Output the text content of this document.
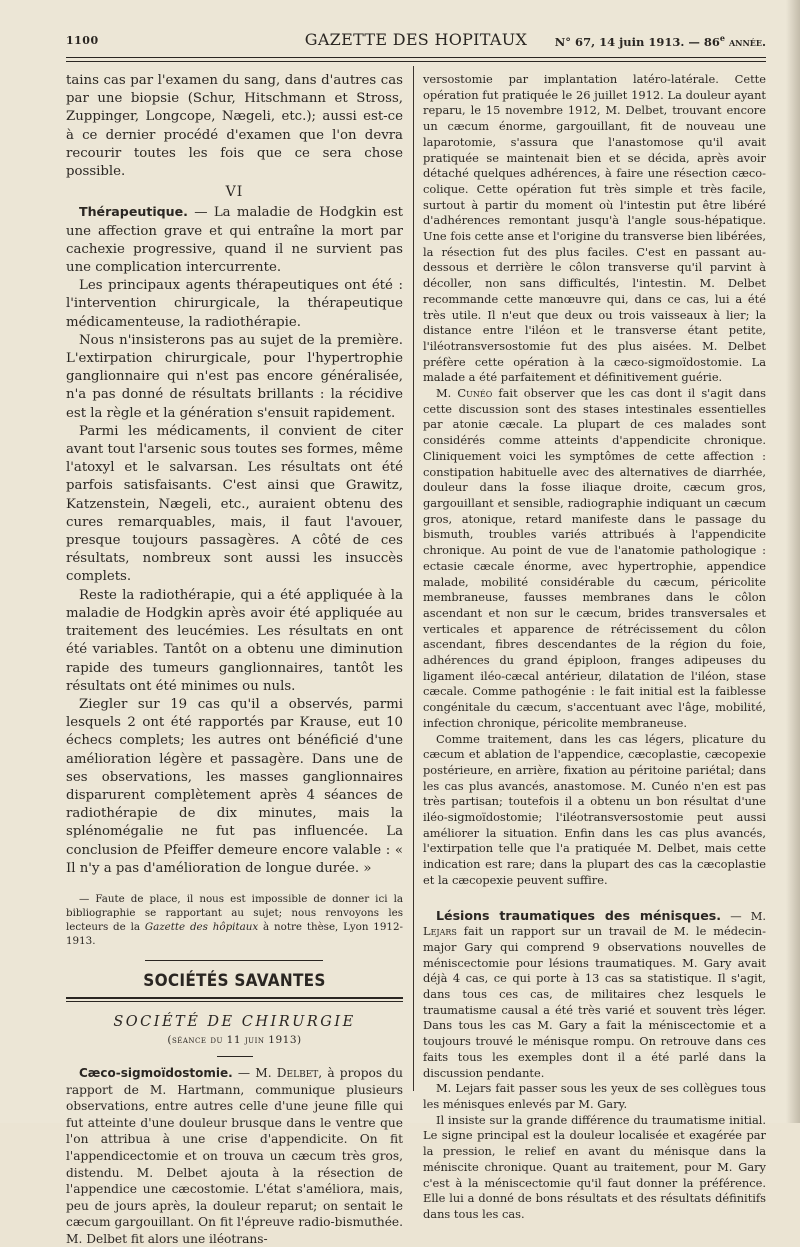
1100	GAZETTE DES HOPITAUX	N° 67, 14 juin 1913. — 86e année.

tains cas par l'examen du sang, dans d'autres cas par une biopsie (Schur, Hitschmann et Stross, Zuppinger, Longcope, Nægeli, etc.); aussi est-ce à ce dernier procédé d'examen que l'on devra recourir toutes les fois que ce sera chose possible.

VI

Thérapeutique. — La maladie de Hodgkin est une affection grave et qui entraîne la mort par cachexie progressive, quand il ne survient pas une complication intercurrente.

Les principaux agents thérapeutiques ont été : l'intervention chirurgicale, la thérapeutique médicamenteuse, la radiothérapie.

Nous n'insisterons pas au sujet de la première. L'extirpation chirurgicale, pour l'hypertrophie ganglionnaire qui n'est pas encore généralisée, n'a pas donné de résultats brillants : la récidive est la règle et la génération s'ensuit rapidement.

Parmi les médicaments, il convient de citer avant tout l'arsenic sous toutes ses formes, même l'atoxyl et le salvarsan. Les résultats ont été parfois satisfaisants. C'est ainsi que Grawitz, Katzenstein, Nægeli, etc., auraient obtenu des cures remarquables, mais, il faut l'avouer, presque toujours passagères. A côté de ces résultats, nombreux sont aussi les insuccès complets.

Reste la radiothérapie, qui a été appliquée à la maladie de Hodgkin après avoir été appliquée au traitement des leucémies. Les résultats en ont été variables. Tantôt on a obtenu une diminution rapide des tumeurs ganglionnaires, tantôt les résultats ont été minimes ou nuls.

Ziegler sur 19 cas qu'il a observés, parmi lesquels 2 ont été rapportés par Krause, eut 10 échecs complets; les autres ont bénéficié d'une amélioration légère et passagère. Dans une de ses observations, les masses ganglionnaires disparurent complètement après 4 séances de radiothérapie de dix minutes, mais la splénomégalie ne fut pas influencée. La conclusion de Pfeiffer demeure encore valable : « Il n'y a pas d'amélioration de longue durée. »

— Faute de place, il nous est impossible de donner ici la bibliographie se rapportant au sujet; nous renvoyons les lecteurs de la Gazette des hôpitaux à notre thèse, Lyon 1912-1913.

SOCIÉTÉS SAVANTES
SOCIÉTÉ DE CHIRURGIE
(séance du 11 juin 1913)

Cæco-sigmoïdostomie. — M. Delbet, à propos du rapport de M. Hartmann, communique plusieurs observations, entre autres celle d'une jeune fille qui fut atteinte d'une douleur brusque dans le ventre que l'on attribua à une crise d'appendicite. On fit l'appendicectomie et on trouva un cæcum très gros, distendu. M. Delbet ajouta à la résection de l'appendice une cæcostomie. L'état s'améliora, mais, peu de jours après, la douleur reparut; on sentait le cæcum gargouillant. On fit l'épreuve radio-bismuthée. M. Delbet fit alors une iléotrans-

versostomie par implantation latéro-latérale. Cette opération fut pratiquée le 26 juillet 1912. La douleur ayant reparu, le 15 novembre 1912, M. Delbet, trouvant encore un cæcum énorme, gargouillant, fit de nouveau une laparotomie, s'assura que l'anastomose qu'il avait pratiquée se maintenait bien et se décida, après avoir détaché quelques adhérences, à faire une résection cæco-colique. Cette opération fut très simple et très facile, surtout à partir du moment où l'intestin put être libéré d'adhérences remontant jusqu'à l'angle sous-hépatique. Une fois cette anse et l'origine du transverse bien libérées, la résection fut des plus faciles. C'est en passant au-dessous et derrière le côlon transverse qu'il parvint à décoller, non sans difficultés, l'intestin. M. Delbet recommande cette manœuvre qui, dans ce cas, lui a été très utile. Il n'eut que deux ou trois vaisseaux à lier; la distance entre l'iléon et le transverse étant petite, l'iléotransversostomie fut des plus aisées. M. Delbet préfère cette opération à la cæco-sigmoïdostomie. La malade a été parfaitement et définitivement guérie.

M. Cunéo fait observer que les cas dont il s'agit dans cette discussion sont des stases intestinales essentielles par atonie cæcale. La plupart de ces malades sont considérés comme atteints d'appendicite chronique. Cliniquement voici les symptômes de cette affection : constipation habituelle avec des alternatives de diarrhée, douleur dans la fosse iliaque droite, cæcum gros, gargouillant et sensible, radiographie indiquant un cæcum gros, atonique, retard manifeste dans le passage du bismuth, troubles variés attribués à l'appendicite chronique. Au point de vue de l'anatomie pathologique : ectasie cæcale énorme, avec hypertrophie, appendice malade, mobilité considérable du cæcum, péricolite membraneuse, fausses membranes dans le côlon ascendant et non sur le cæcum, brides transversales et verticales et apparence de rétrécissement du côlon ascendant, fibres descendantes de la région du foie, adhérences du grand épiploon, franges adipeuses du ligament iléo-cæcal antérieur, dilatation de l'iléon, stase cæcale. Comme pathogénie : le fait initial est la faiblesse congénitale du cæcum, s'accentuant avec l'âge, mobilité, infection chronique, péricolite membraneuse.

Comme traitement, dans les cas légers, plicature du cæcum et ablation de l'appendice, cæcoplastie, cæcopexie postérieure, en arrière, fixation au péritoine pariétal; dans les cas plus avancés, anastomose. M. Cunéo n'en est pas très partisan; toutefois il a obtenu un bon résultat d'une iléo-sigmoïdostomie; l'iléotransversostomie peut aussi améliorer la situation. Enfin dans les cas plus avancés, l'extirpation telle que l'a pratiquée M. Delbet, mais cette indication est rare; dans la plupart des cas la cæcoplastie et la cæcopexie peuvent suffire.

Lésions traumatiques des ménisques. — M. Lejars fait un rapport sur un travail de M. le médecin-major Gary qui comprend 9 observations nouvelles de méniscectomie pour lésions traumatiques. M. Gary avait déjà 4 cas, ce qui porte à 13 cas sa statistique. Il s'agit, dans tous ces cas, de militaires chez lesquels le traumatisme causal a été très varié et souvent très léger. Dans tous les cas M. Gary a fait la méniscectomie et a toujours trouvé le ménisque rompu. On retrouve dans ces faits tous les exemples dont il a été parlé dans la discussion pendante.

M. Lejars fait passer sous les yeux de ses collègues tous les ménisques enlevés par M. Gary.

Il insiste sur la grande différence du traumatisme initial. Le signe principal est la douleur localisée et exagérée par la pression, le relief en avant du ménisque dans la méniscite chronique. Quant au traitement, pour M. Gary c'est à la méniscectomie qu'il faut donner la préférence. Elle lui a donné de bons résultats et des résultats définitifs dans tous les cas.
